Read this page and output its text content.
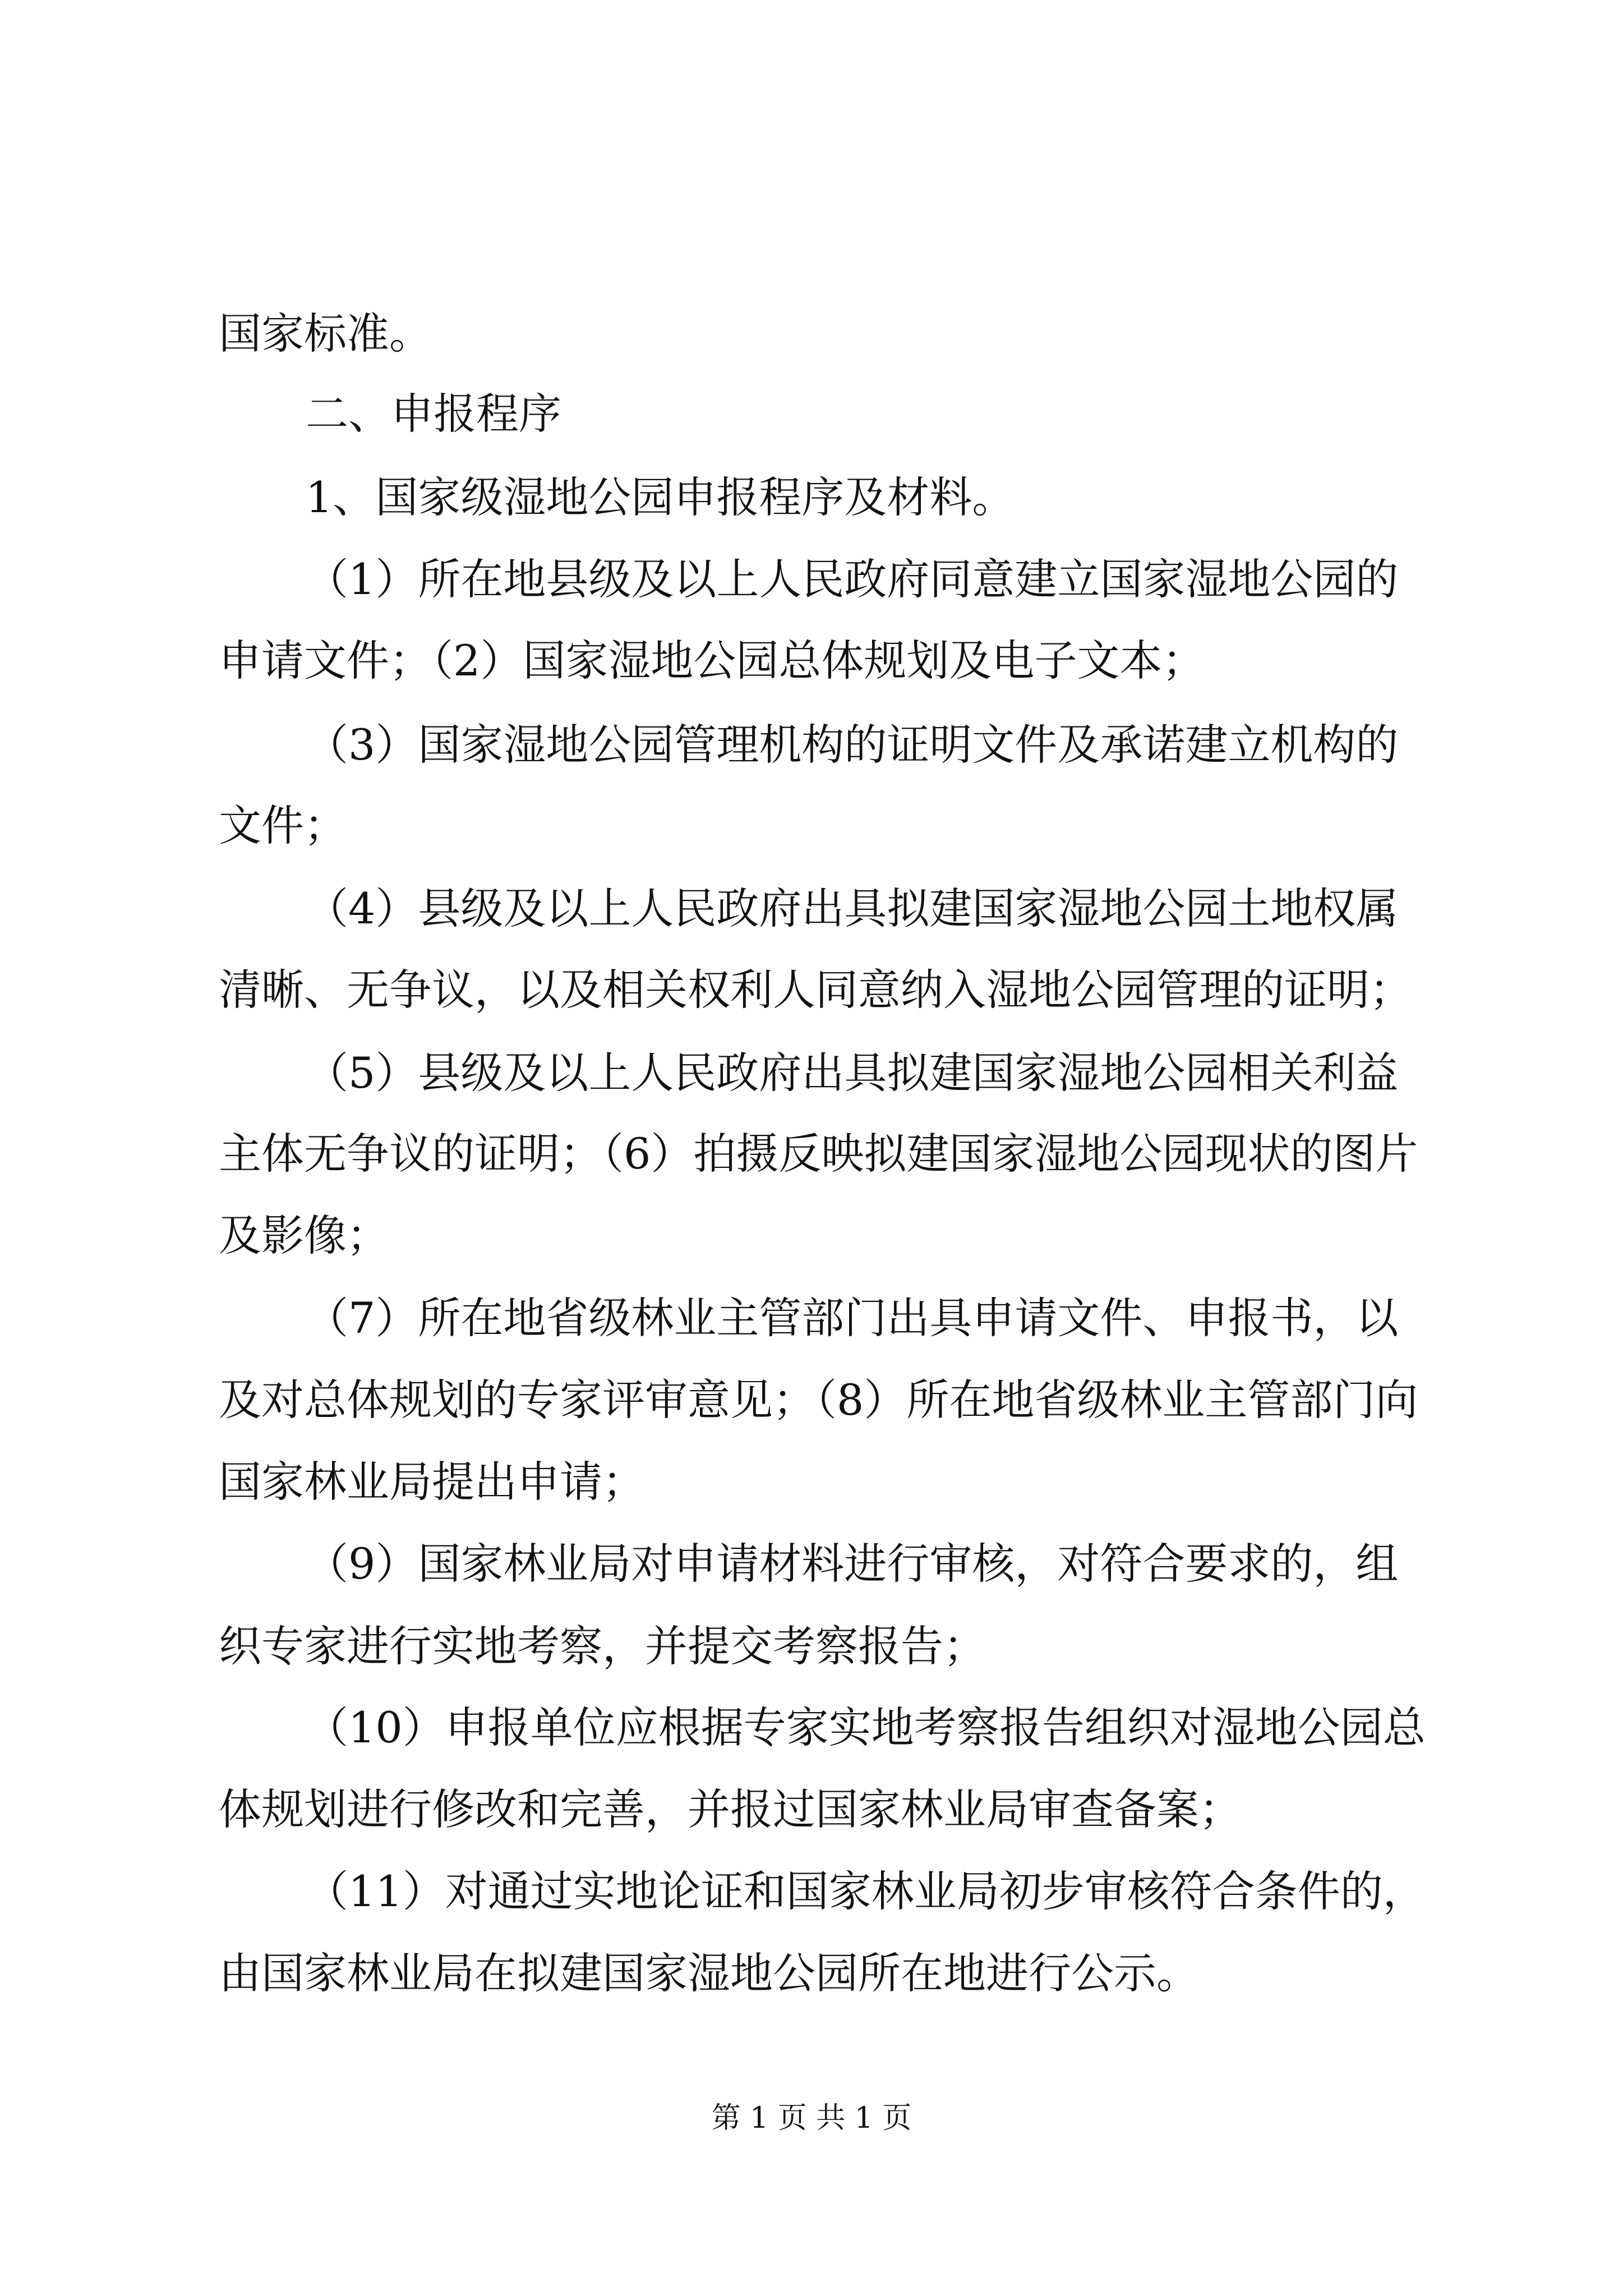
国家标准。

二、申报程序

1、国家级湿地公园申报程序及材料。

（1）所在地县级及以上人民政府同意建立国家湿地公园的

申请文件；（2）国家湿地公园总体规划及电子文本；

（3）国家湿地公园管理机构的证明文件及承诺建立机构的

文件；

（4）县级及以上人民政府出具拟建国家湿地公园土地权属

清晰、无争议，以及相关权利人同意纳入湿地公园管理的证明；

（5）县级及以上人民政府出具拟建国家湿地公园相关利益

主体无争议的证明；（6）拍摄反映拟建国家湿地公园现状的图片

及影像；

（7）所在地省级林业主管部门出具申请文件、申报书，以

及对总体规划的专家评审意见；（8）所在地省级林业主管部门向

国家林业局提出申请；

（9）国家林业局对申请材料进行审核，对符合要求的，组

织专家进行实地考察，并提交考察报告；

（10）申报单位应根据专家实地考察报告组织对湿地公园总

体规划进行修改和完善，并报过国家林业局审查备案；

（11）对通过实地论证和国家林业局初步审核符合条件的，

由国家林业局在拟建国家湿地公园所在地进行公示。

第 1 页 共 1 页
